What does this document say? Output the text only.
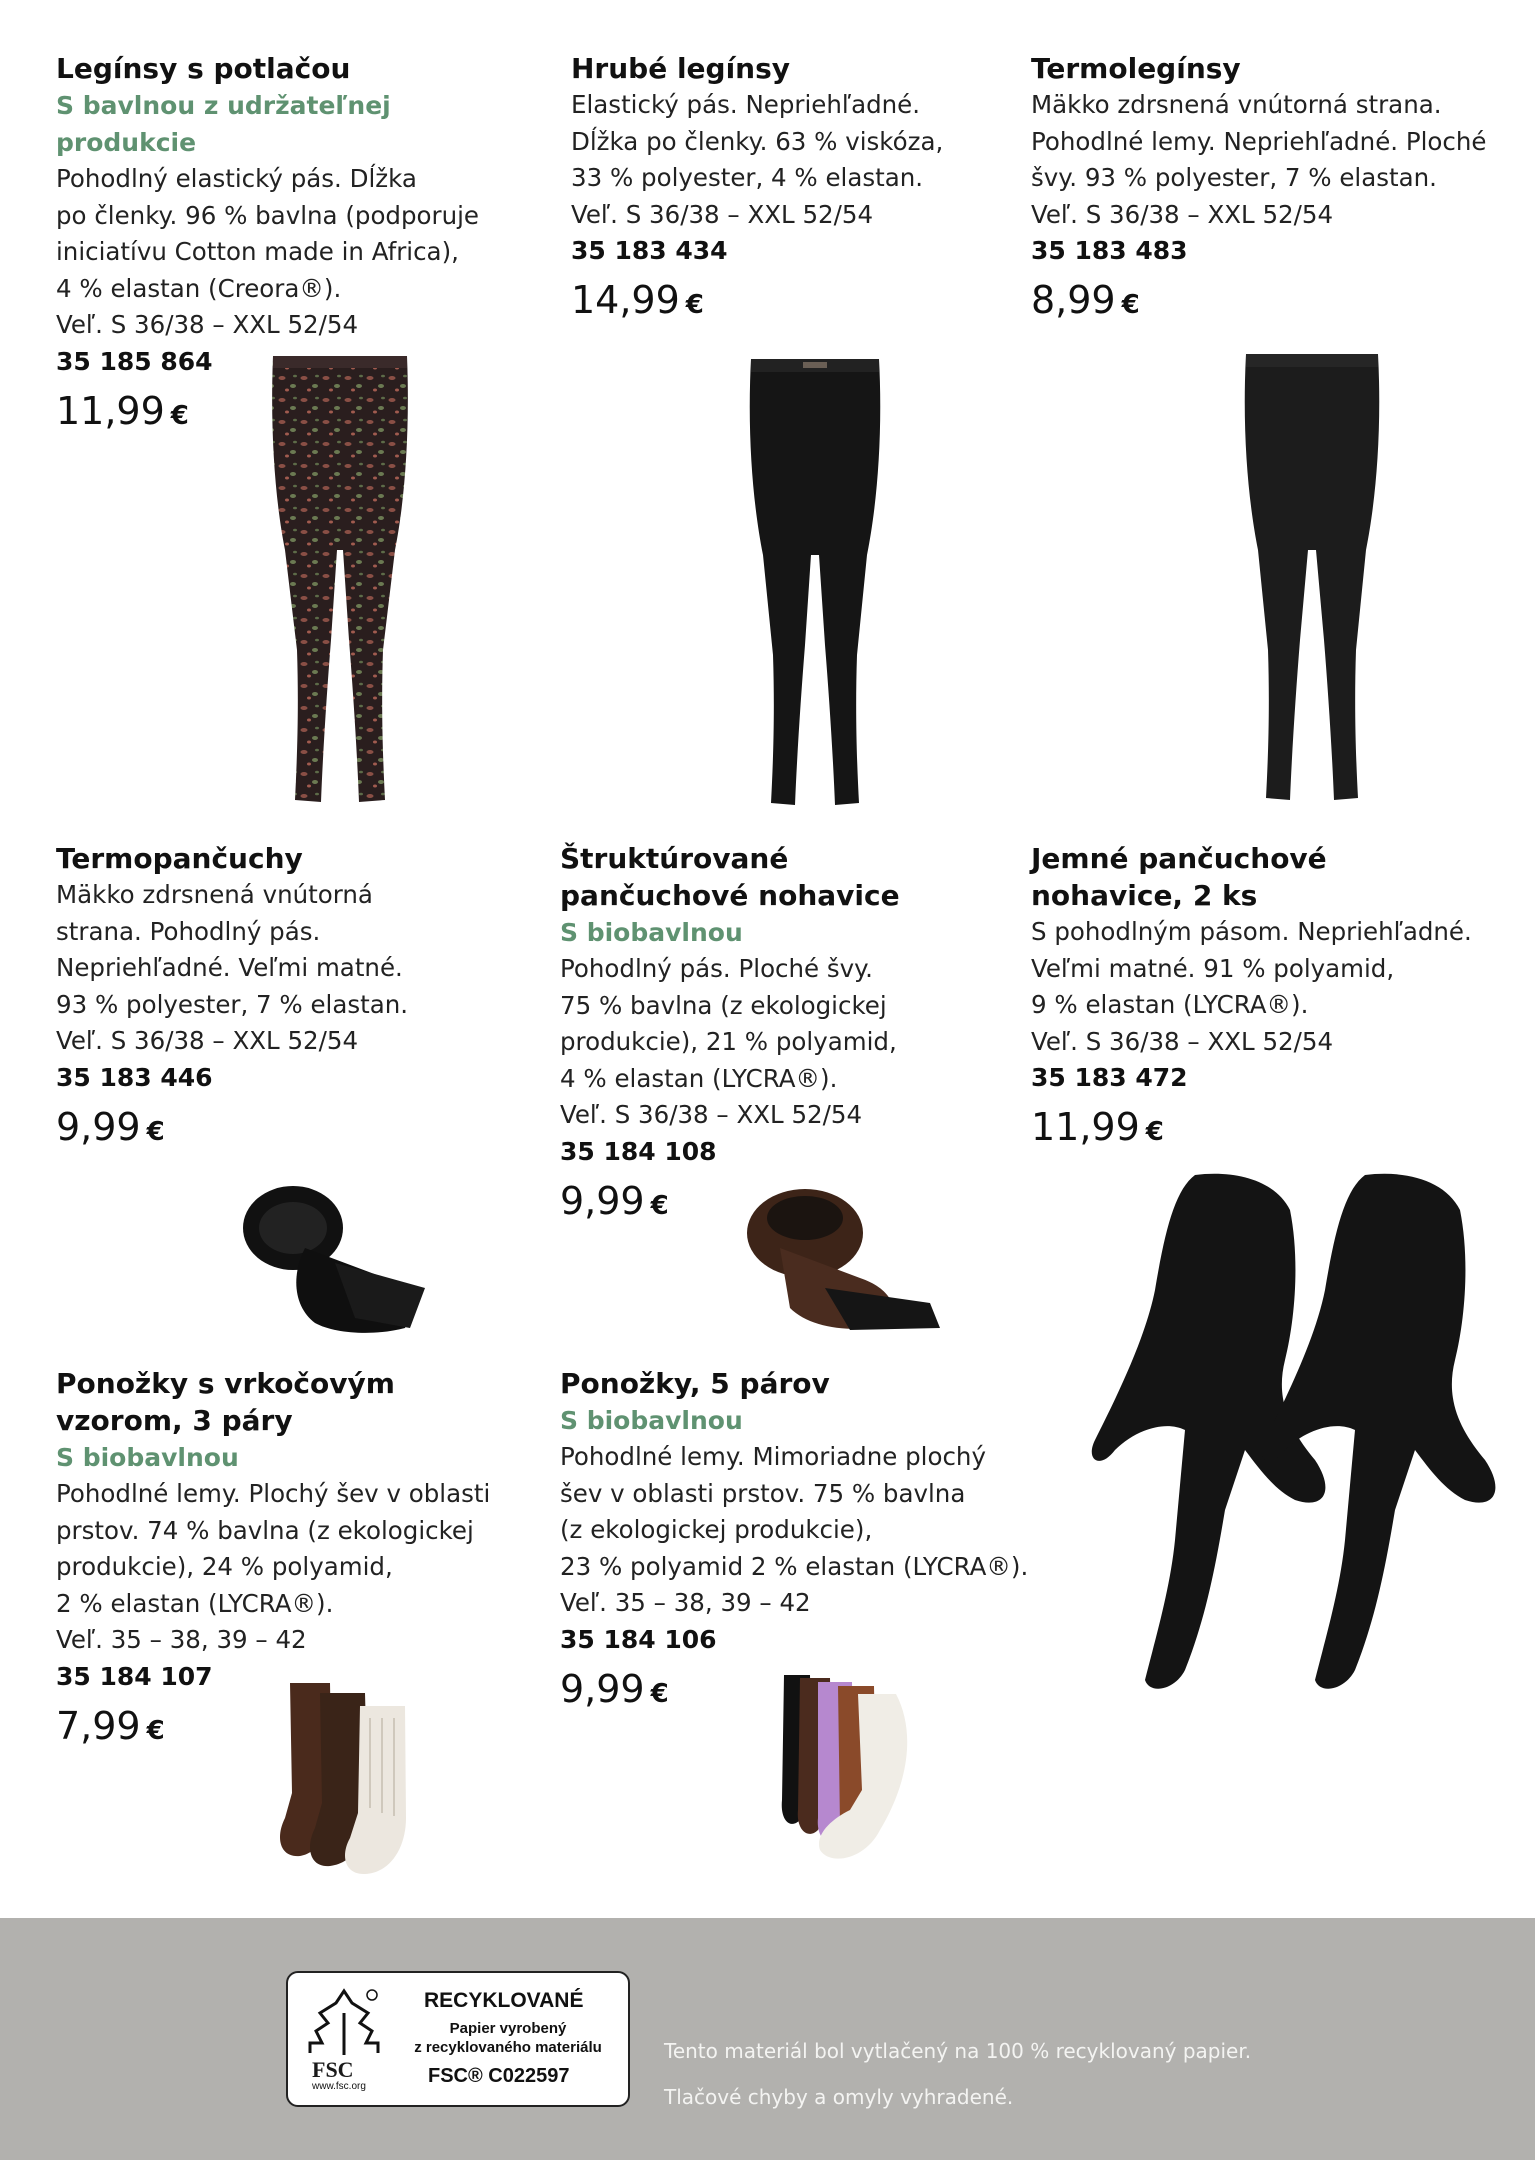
Legínsy s potlačou
S bavlnou z udržateľnej produkcie
Pohodlný elastický pás. Dĺžka
po členky. 96 % bavlna (podporuje
iniciatívu Cotton made in Africa),
4 % elastan (Creora®).
Veľ. S 36/38 – XXL 52/54
35 185 864
11,99 €
Hrubé legínsy
Elastický pás. Nepriehľadné.
Dĺžka po členky. 63 % viskóza,
33 % polyester, 4 % elastan.
Veľ. S 36/38 – XXL 52/54
35 183 434
14,99 €
Termolegínsy
Mäkko zdrsnená vnútorná strana.
Pohodlné lemy. Nepriehľadné. Ploché
švy. 93 % polyester, 7 % elastan.
Veľ. S 36/38 – XXL 52/54
35 183 483
8,99 €
Termopančuchy
Mäkko zdrsnená vnútorná
strana. Pohodlný pás.
Nepriehľadné. Veľmi matné.
93 % polyester, 7 % elastan.
Veľ. S 36/38 – XXL 52/54
35 183 446
9,99 €
Štruktúrované
pančuchové nohavice
S biobavlnou
Pohodlný pás. Ploché švy.
75 % bavlna (z ekologickej
produkcie), 21 % polyamid,
4 % elastan (LYCRA®).
Veľ. S 36/38 – XXL 52/54
35 184 108
9,99 €
Jemné pančuchové
nohavice, 2 ks
S pohodlným pásom. Nepriehľadné.
Veľmi matné. 91 % polyamid,
9 % elastan (LYCRA®).
Veľ. S 36/38 – XXL 52/54
35 183 472
11,99 €
Ponožky s vrkočovým
vzorom, 3 páry
S biobavlnou
Pohodlné lemy. Plochý šev v oblasti
prstov. 74 % bavlna (z ekologickej
produkcie), 24 % polyamid,
2 % elastan (LYCRA®).
Veľ. 35 – 38, 39 – 42
35 184 107
7,99 €
Ponožky, 5 párov
S biobavlnou
Pohodlné lemy. Mimoriadne plochý
šev v oblasti prstov. 75 % bavlna
(z ekologickej produkcie),
23 % polyamid 2 % elastan (LYCRA®).
Veľ. 35 – 38, 39 – 42
35 184 106
9,99 €
FSC
www.fsc.org
RECYKLOVANÉ
Papier vyrobený
z recyklovaného materiálu
FSC® C022597
Tento materiál bol vytlačený na 100 % recyklovaný papier.
Tlačové chyby a omyly vyhradené.
